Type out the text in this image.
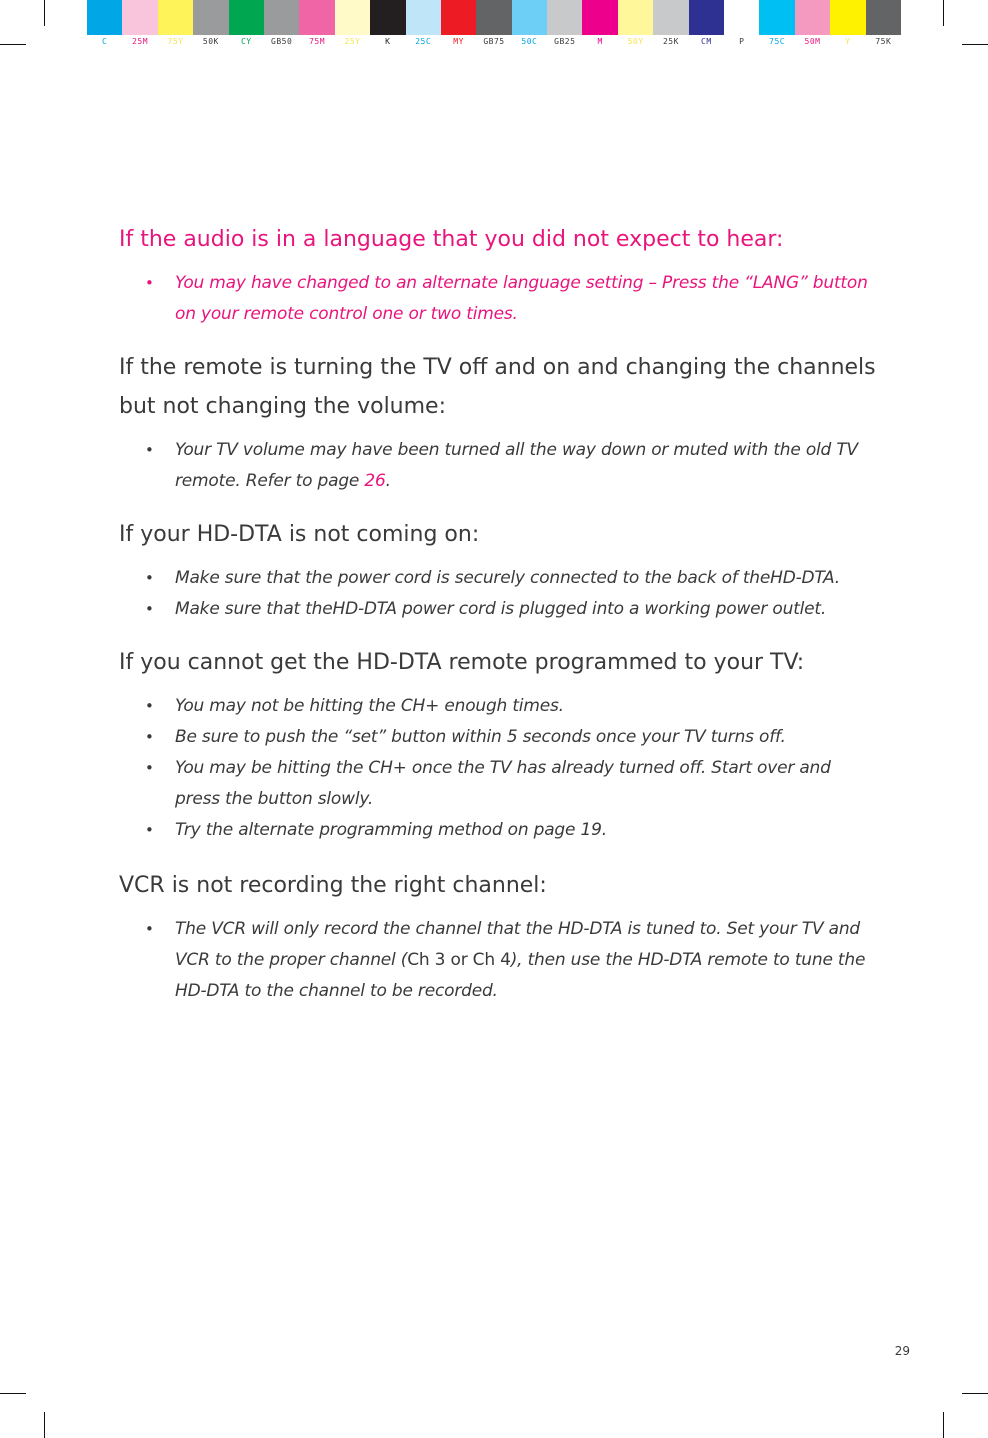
C	25M	75Y	50K	CY	GB50	75M	25Y	K	25C	MY	GB75	50C	GB25	M	50Y	25K	CM	P	75C	50M	Y	75K
If the audio is in a language that you did not expect to hear:
• You may have changed to an alternate language setting – Press the “LANG” button on your remote control one or two times.
If the remote is turning the TV off and on and changing the channels but not changing the volume:
• Your TV volume may have been turned all the way down or muted with the old TV remote. Refer to page 26.
If your HD-DTA is not coming on:
• Make sure that the power cord is securely connected to the back of theHD-DTA.
• Make sure that theHD-DTA power cord is plugged into a working power outlet.
If you cannot get the HD-DTA remote programmed to your TV:
• You may not be hitting the CH+ enough times.
• Be sure to push the “set” button within 5 seconds once your TV turns off.
• You may be hitting the CH+ once the TV has already turned off. Start over and press the button slowly.
• Try the alternate programming method on page 19.
VCR is not recording the right channel:
• The VCR will only record the channel that the HD-DTA is tuned to. Set your TV and VCR to the proper channel (Ch 3 or Ch 4), then use the HD-DTA remote to tune the HD-DTA to the channel to be recorded.
29
